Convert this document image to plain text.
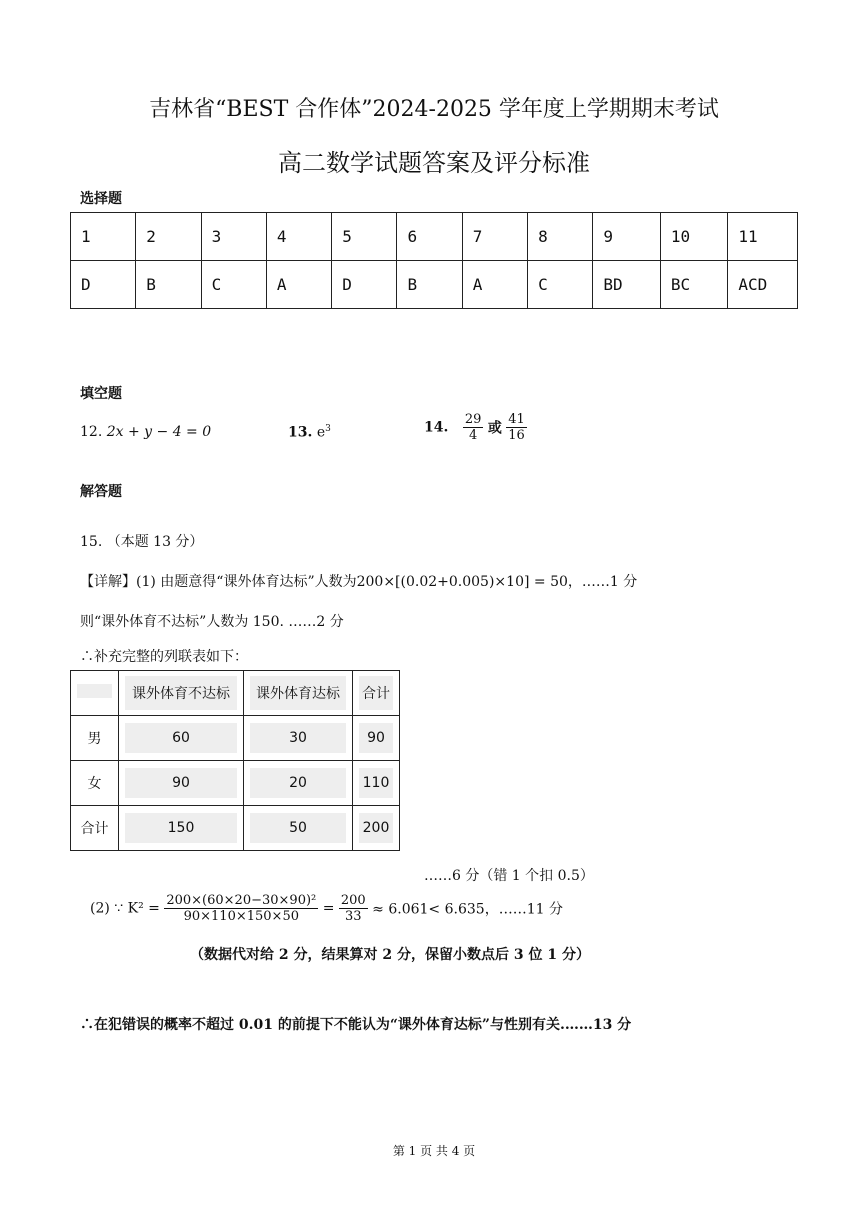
吉林省“BEST 合作体”2024-2025 学年度上学期期末考试
高二数学试题答案及评分标准
选择题
1	2	3	4	5	6	7	8	9	10	11
D	B	C	A	D	B	A	C	BD	BC	ACD
填空题
12. 2x + y − 4 = 0	13. $e^3$	14. $\frac{29}{4}$ 或 $\frac{41}{16}$
解答题
15. （本题 13 分）
【详解】(1) 由题意得“课外体育达标”人数为200×[(0.02+0.005)×10] = 50，……1 分
则“课外体育不达标”人数为 150. ……2 分
∴补充完整的列联表如下：
	课外体育不达标	课外体育达标	合计
男	60	30	90
女	90	20	110
合计	150	50	200
……6 分（错 1 个扣 0.5）
(2) ∵ $K^2 = \frac{\text{200×(60×20−30×90)²}}{90\times 110\times 150\times 50} = \frac{200}{33} \approx 6.061< 6.635$，……11 分
（数据代对给 2 分，结果算对 2 分，保留小数点后 3 位 1 分）
∴在犯错误的概率不超过 0.01 的前提下不能认为“课外体育达标”与性别有关.……13 分
第 1 页 共 4 页
